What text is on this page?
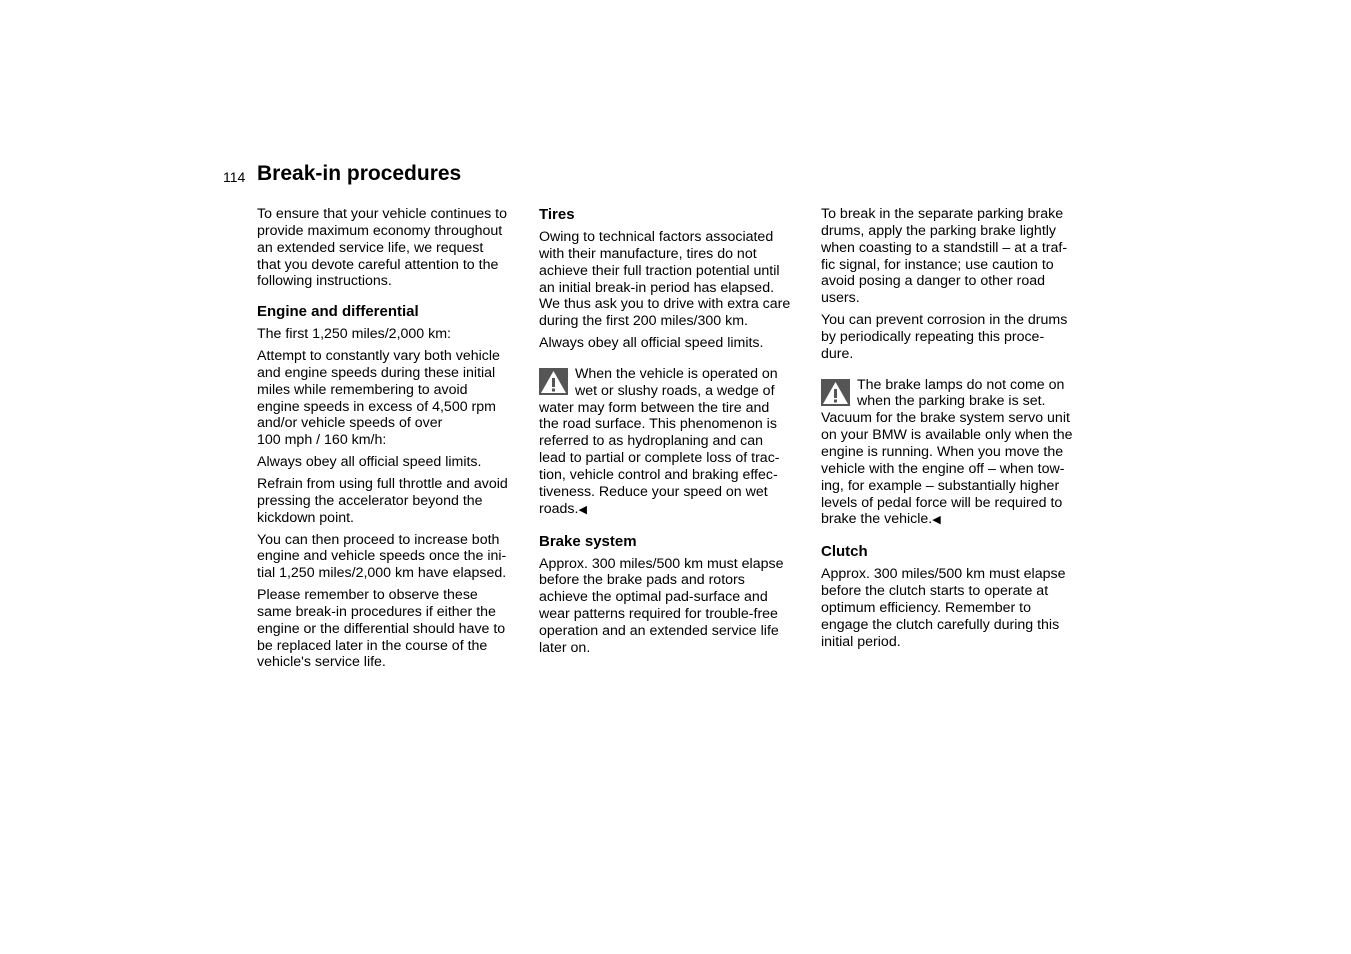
114 Break-in procedures

To ensure that your vehicle continues to
provide maximum economy throughout
an extended service life, we request
that you devote careful attention to the
following instructions.

Engine and differential

The first 1,250 miles/2,000 km:

Attempt to constantly vary both vehicle
and engine speeds during these initial
miles while remembering to avoid
engine speeds in excess of 4,500 rpm
and/or vehicle speeds of over
100 mph / 160 km/h:

Always obey all official speed limits.

Refrain from using full throttle and avoid
pressing the accelerator beyond the
kickdown point.

You can then proceed to increase both
engine and vehicle speeds once the ini-
tial 1,250 miles/2,000 km have elapsed.

Please remember to observe these
same break-in procedures if either the
engine or the differential should have to
be replaced later in the course of the
vehicle's service life.

Tires

Owing to technical factors associated
with their manufacture, tires do not
achieve their full traction potential until
an initial break-in period has elapsed.
We thus ask you to drive with extra care
during the first 200 miles/300 km.

Always obey all official speed limits.

When the vehicle is operated on
wet or slushy roads, a wedge of
water may form between the tire and
the road surface. This phenomenon is
referred to as hydroplaning and can
lead to partial or complete loss of trac-
tion, vehicle control and braking effec-
tiveness. Reduce your speed on wet
roads.

◀
Brake system

Approx. 300 miles/500 km must elapse
before the brake pads and rotors
achieve the optimal pad-surface and
wear patterns required for trouble-free
operation and an extended service life
later on.

To break in the separate parking brake
drums, apply the parking brake lightly
when coasting to a standstill – at a traf-
fic signal, for instance; use caution to
avoid posing a danger to other road
users.

You can prevent corrosion in the drums
by periodically repeating this proce-
dure.

The brake lamps do not come on
when the parking brake is set.
Vacuum for the brake system servo unit
on your BMW is available only when the
engine is running. When you move the
vehicle with the engine off – when tow-
ing, for example – substantially higher
levels of pedal force will be required to
brake the vehicle.

◀
Clutch

Approx. 300 miles/500 km must elapse
before the clutch starts to operate at
optimum efficiency. Remember to
engage the clutch carefully during this
initial period.
